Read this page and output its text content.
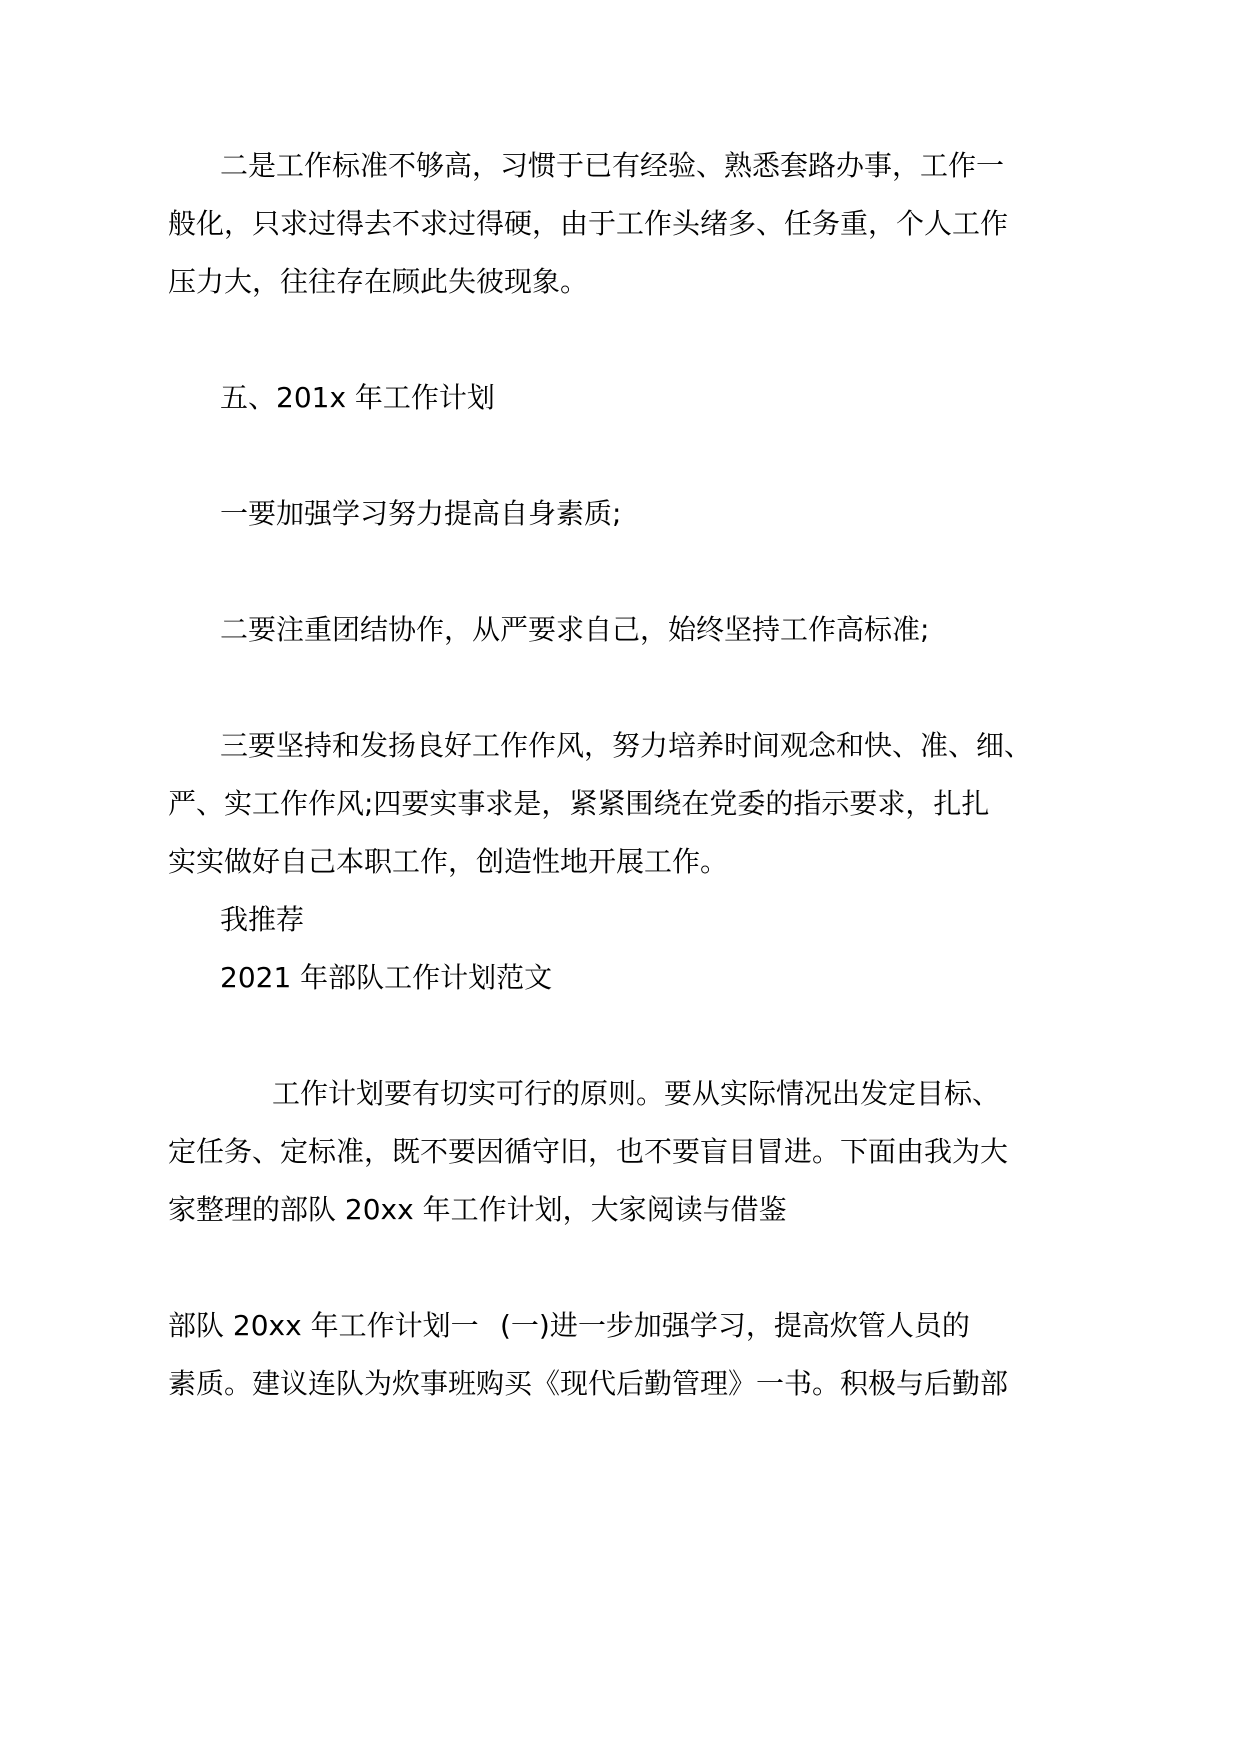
二是工作标准不够高，习惯于已有经验、熟悉套路办事，工作一
般化，只求过得去不求过得硬，由于工作头绪多、任务重，个人工作
压力大，往往存在顾此失彼现象。
五、201x 年工作计划
一要加强学习努力提高自身素质;
二要注重团结协作，从严要求自己，始终坚持工作高标准;
三要坚持和发扬良好工作作风，努力培养时间观念和快、准、细、
严、实工作作风;四要实事求是，紧紧围绕在党委的指示要求，扎扎
实实做好自己本职工作，创造性地开展工作。
我推荐
2021 年部队工作计划范文
工作计划要有切实可行的原则。要从实际情况出发定目标、
定任务、定标准，既不要因循守旧，也不要盲目冒进。下面由我为大
家整理的部队 20xx 年工作计划，大家阅读与借鉴
部队 20xx 年工作计划一 (一)进一步加强学习，提高炊管人员的
素质。建议连队为炊事班购买《现代后勤管理》一书。积极与后勤部
